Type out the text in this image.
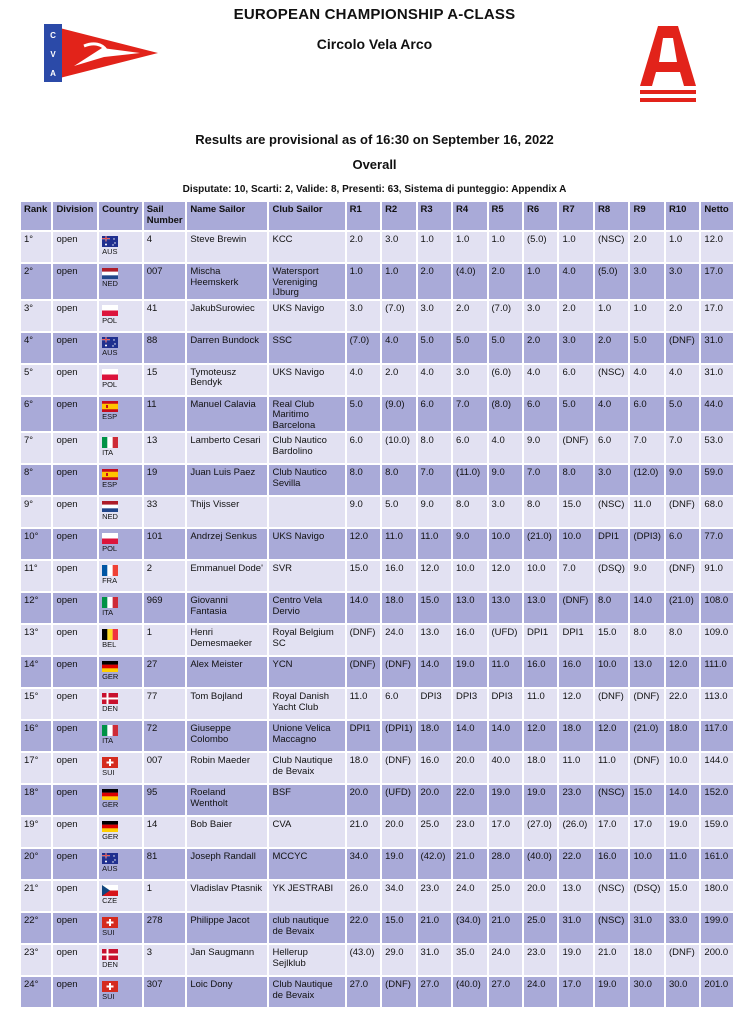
C
V
A
EUROPEAN CHAMPIONSHIP A-CLASS
Circolo Vela Arco
Results are provisional as of 16:30 on September 16, 2022
Overall
Disputate: 10, Scarti: 2, Valide: 8, Presenti: 63, Sistema di punteggio: Appendix A
Rank	Division	Country	Sail Number	Name Sailor	Club Sailor	R1	R2	R3	R4	R5	R6	R7	R8	R9	R10	Netto
1°	open	AUS	4	Steve Brewin	KCC	2.0	3.0	1.0	1.0	1.0	(5.0)	1.0	(NSC)	2.0	1.0	12.0
2°	open	NED	007	Mischa Heemskerk	Watersport Vereniging IJburg	1.0	1.0	2.0	(4.0)	2.0	1.0	4.0	(5.0)	3.0	3.0	17.0
3°	open	POL	41	JakubSurowiec	UKS Navigo	3.0	(7.0)	3.0	2.0	(7.0)	3.0	2.0	1.0	1.0	2.0	17.0
4°	open	AUS	88	Darren Bundock	SSC	(7.0)	4.0	5.0	5.0	5.0	2.0	3.0	2.0	5.0	(DNF)	31.0
5°	open	POL	15	Tymoteusz Bendyk	UKS Navigo	4.0	2.0	4.0	3.0	(6.0)	4.0	6.0	(NSC)	4.0	4.0	31.0
6°	open	ESP	11	Manuel Calavia	Real Club Maritimo Barcelona	5.0	(9.0)	6.0	7.0	(8.0)	6.0	5.0	4.0	6.0	5.0	44.0
7°	open	ITA	13	Lamberto Cesari	Club Nautico Bardolino	6.0	(10.0)	8.0	6.0	4.0	9.0	(DNF)	6.0	7.0	7.0	53.0
8°	open	ESP	19	Juan Luis Paez	Club Nautico Sevilla	8.0	8.0	7.0	(11.0)	9.0	7.0	8.0	3.0	(12.0)	9.0	59.0
9°	open	NED	33	Thijs Visser		9.0	5.0	9.0	8.0	3.0	8.0	15.0	(NSC)	11.0	(DNF)	68.0
10°	open	POL	101	Andrzej Senkus	UKS Navigo	12.0	11.0	11.0	9.0	10.0	(21.0)	10.0	DPI1	(DPI3)	6.0	77.0
11°	open	FRA	2	Emmanuel Dode'	SVR	15.0	16.0	12.0	10.0	12.0	10.0	7.0	(DSQ)	9.0	(DNF)	91.0
12°	open	ITA	969	Giovanni Fantasia	Centro Vela Dervio	14.0	18.0	15.0	13.0	13.0	13.0	(DNF)	8.0	14.0	(21.0)	108.0
13°	open	BEL	1	Henri Demesmaeker	Royal Belgium SC	(DNF)	24.0	13.0	16.0	(UFD)	DPI1	DPI1	15.0	8.0	8.0	109.0
14°	open	GER	27	Alex Meister	YCN	(DNF)	(DNF)	14.0	19.0	11.0	16.0	16.0	10.0	13.0	12.0	111.0
15°	open	DEN	77	Tom Bojland	Royal Danish Yacht Club	11.0	6.0	DPI3	DPI3	DPI3	11.0	12.0	(DNF)	(DNF)	22.0	113.0
16°	open	ITA	72	Giuseppe Colombo	Unione Velica Maccagno	DPI1	(DPI1)	18.0	14.0	14.0	12.0	18.0	12.0	(21.0)	18.0	117.0
17°	open	SUI	007	Robin Maeder	Club Nautique de Bevaix	18.0	(DNF)	16.0	20.0	40.0	18.0	11.0	11.0	(DNF)	10.0	144.0
18°	open	GER	95	Roeland Wentholt	BSF	20.0	(UFD)	20.0	22.0	19.0	19.0	23.0	(NSC)	15.0	14.0	152.0
19°	open	GER	14	Bob Baier	CVA	21.0	20.0	25.0	23.0	17.0	(27.0)	(26.0)	17.0	17.0	19.0	159.0
20°	open	AUS	81	Joseph Randall	MCCYC	34.0	19.0	(42.0)	21.0	28.0	(40.0)	22.0	16.0	10.0	11.0	161.0
21°	open	CZE	1	Vladislav Ptasnik	YK JESTRABI	26.0	34.0	23.0	24.0	25.0	20.0	13.0	(NSC)	(DSQ)	15.0	180.0
22°	open	SUI	278	Philippe Jacot	club nautique de Bevaix	22.0	15.0	21.0	(34.0)	21.0	25.0	31.0	(NSC)	31.0	33.0	199.0
23°	open	DEN	3	Jan Saugmann	Hellerup Sejlklub	(43.0)	29.0	31.0	35.0	24.0	23.0	19.0	21.0	18.0	(DNF)	200.0
24°	open	SUI	307	Loic Dony	Club Nautique de Bevaix	27.0	(DNF)	27.0	(40.0)	27.0	24.0	17.0	19.0	30.0	30.0	201.0
